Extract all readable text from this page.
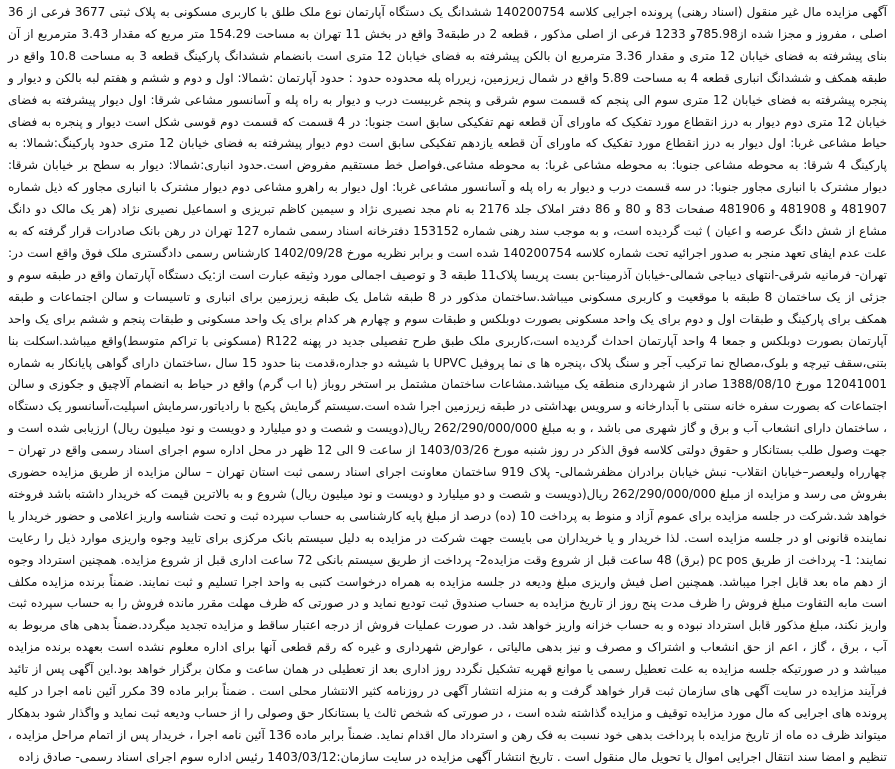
آگهی مزایده مال غیر منقول (اسناد رهنی) پرونده اجرایی کلاسه 140200754 ششدانگ یک دستگاه آپارتمان نوع ملک طلق با کاربری مسکونی به پلاک ثبتی 3677 فرعی از 36 اصلی ، مفروز و مجزا شده از785.98و 1233 فرعی از اصلی مذکور ، قطعه 2 در طبقه3 واقع در بخش 11 تهران به مساحت 154.29 متر مربع که مقدار 3.43 مترمربع از آن بنای پیشرفته به فضای خیابان 12 متری و مقدار 3.36 مترمربع ان بالکن پیشرفته به فضای خیابان 12 متری است بانضمام ششدانگ پارکینگ قطعه 3 به مساحت 10.8 واقع در طبقه همکف و ششدانگ انباری قطعه 4 به مساحت 5.89 واقع در شمال زیرزمین، زیرراه پله محدوده حدود : حدود آپارتمان :شمالا: اول و دوم و ششم و هفتم لبه بالکن و دیوار و پنجره پیشرفته به فضای خیابان 12 متری سوم الی پنجم که قسمت سوم شرقی و پنجم غربیست درب و دیوار به راه پله و آسانسور مشاعی شرقا: اول دیوار پیشرفته به فضای خیابان 12 متری دوم دیوار به درز انقطاع مورد تفکیک که ماورای آن قطعه نهم تفکیکی سابق است جنوبا: در 4 قسمت که قسمت دوم قوسی شکل است دیوار و پنجره به فضای حیاط مشاعی غربا: اول دیوار به درز انقطاع مورد تفکیک که ماورای آن قطعه یازدهم تفکیکی سابق است دوم دیوار پیشرفته به فضای خیابان 12 متری حدود پارکینگ:شمالا: به پارکینگ 4 شرقا: به محوطه مشاعی جنوبا: به محوطه مشاعی غربا: به محوطه مشاعی.فواصل خط مستقیم مفروض است.حدود انباری:شمالا: دیوار به سطح بر خیابان شرقا: دیوار مشترک با انباری مجاور جنوبا: در سه قسمت درب و دیوار به راه پله و آسانسور مشاعی غربا: اول دیوار به راهرو مشاعی دوم دیوار مشترک با انباری مجاور که ذیل شماره 481907 و 481908 و 481906 صفحات 83 و 80 و 86 دفتر املاک جلد 2176 به نام مجد نصیری نژاد و سیمین کاظم تبریزی و اسماعیل نصیری نژاد (هر یک مالک دو دانگ مشاع از شش دانگ عرصه و اعیان ) ثبت گردیده است، و به موجب سند رهنی شماره 153152 دفترخانه اسناد رسمی شماره 127 تهران در رهن بانک صادرات قرار گرفته که به علت عدم ایفای تعهد منجر به صدور اجرائیه تحت شماره کلاسه 140200754 شده است و برابر نظریه مورخ 1402/09/28 کارشناس رسمی دادگستری ملک فوق واقع است در: تهران- فرمانیه شرقی-انتهای دیباجی شمالی-خیابان آذرمینا-بن بست پریسا پلاک11 طبقه 3 و توصیف اجمالی مورد وثیقه عبارت است از:یک دستگاه آپارتمان واقع در طبقه سوم و جزئی از یک ساختمان 8 طبقه با موقعیت و کاربری مسکونی میباشد.ساختمان مذکور در 8 طبقه شامل یک طبقه زیرزمین برای انباری و تاسیسات و سالن اجتماعات و طبقه همکف برای پارکینگ و طبقات اول و دوم برای یک واحد مسکونی بصورت دوبلکس و طبقات سوم و چهارم هر کدام برای یک واحد مسکونی و طبقات پنجم و ششم برای یک واحد آپارتمان بصورت دوبلکس و جمعا 4 واحد آپارتمان احداث گردیده است،کاربری ملک طبق طرح تفصیلی جدید در پهنه R122 (مسکونی با تراکم متوسط)واقع میباشد.اسکلت بنا بتنی،سقف تیرچه و بلوک،مصالح نما ترکیب آجر و سنگ پلاک ،پنجره ها ی نما پروفیل UPVC با شیشه دو جداره،قدمت بنا حدود 15 سال ،ساختمان دارای گواهی پایانکار به شماره 12041001 مورخ 1388/08/10 صادر از شهرداری منطقه یک میباشد.مشاعات ساختمان مشتمل بر استخر روباز (با اب گرم) واقع در حیاط به انضمام آلاچیق و جکوزی و سالن اجتماعات که بصورت سفره خانه سنتی با آبدارخانه و سرویس بهداشتی در طبقه زیرزمین اجرا شده است.سیستم گرمایش پکیج با رادیاتور،سرمایش اسپلیت،آسانسور یک دستگاه ، ساختمان دارای انشعاب آب و برق و گاز شهری می باشد ، و به مبلغ 262/290/000/000 ریال(دویست و شصت و دو میلیارد و دویست و نود میلیون ریال) ارزیابی شده است و جهت وصول طلب بستانکار و حقوق دولتی کلاسه فوق الذکر در روز شنبه مورخ 1403/03/26 از ساعت 9 الی 12 ظهر در محل اداره سوم اجرای اسناد رسمی واقع در تهران – چهارراه ولیعصر–خیابان انقلاب- نبش خیابان برادران مظفرشمالی- پلاک 919 ساختمان معاونت اجرای اسناد رسمی ثبت استان تهران – سالن مزایده از طریق مزایده حضوری بفروش می رسد و مزایده از مبلغ 262/290/000/000 ریال(دویست و شصت و دو میلیارد و دویست و نود میلیون ریال) شروع و به بالاترین قیمت که خریدار داشته باشد فروخته خواهد شد.شرکت در جلسه مزایده برای عموم آزاد و منوط به پرداخت 10 (ده) درصد از مبلغ پایه کارشناسی به حساب سپرده ثبت و تحت شناسه واریز اعلامی و حضور خریدار یا نماینده قانونی او در جلسه مزایده است. لذا خریدار و یا خریداران می بایست جهت شرکت در مزایده به دلیل سیستم بانک مرکزی برای تایید وجوه واریزی موارد ذیل را رعایت نمایند: 1- پرداخت از طریق pc pos (برق) 48 ساعت قبل از شروع وقت مزایده2- پرداخت از طریق سیستم بانکی 72 ساعت اداری قبل از شروع مزایده. همچنین استرداد وجوه از دهم ماه بعد قابل اجرا میباشد. همچنین اصل فیش واریزی مبلغ ودیعه در جلسه مزایده به همراه درخواست کتبی به واحد اجرا تسلیم و ثبت نمایند. ضمناً برنده مزایده مکلف است مابه التفاوت مبلغ فروش را ظرف مدت پنج روز از تاریخ مزایده به حساب صندوق ثبت تودیع نماید و در صورتی که ظرف مهلت مقرر مانده فروش را به حساب سپرده ثبت واریز نکند، مبلغ مذکور قابل استرداد نبوده و به حساب خزانه واریز خواهد شد. در صورت عملیات فروش از درجه اعتبار ساقط و مزایده تجدید میگردد.ضمناً بدهی های مربوط به آب ، برق ، گاز ، اعم از حق انشعاب و اشتراک و مصرف و نیز بدهی مالیاتی ، عوارض شهرداری و غیره که رقم قطعی آنها برای اداره معلوم نشده است بعهده برنده مزایده میباشد و در صورتیکه جلسه مزایده به علت تعطیل رسمی یا موانع قهریه تشکیل نگردد روز اداری بعد از تعطیلی در همان ساعت و مکان برگزار خواهد بود.این آگهی پس از تائید فرآیند مزایده در سایت آگهی های سازمان ثبت قرار خواهد گرفت و به منزله انتشار آگهی در روزنامه کثیر الانتشار محلی است . ضمناً برابر ماده 39 مکرر آئین نامه اجرا در کلیه پرونده های اجرایی که مال مورد مزایده توقیف و مزایده گذاشته شده است ، در صورتی که شخص ثالث یا بستانکار حق وصولی را از حساب ودیعه ثبت نماید و واگذار شود بدهکار میتواند ظرف ده ماه از تاریخ مزایده با پرداخت بدهی خود نسبت به فک رهن و استرداد مال اقدام نماید. ضمناً برابر ماده 136 آئین نامه اجرا ، خریدار پس از اتمام مراحل مزایده ، تنظیم و امضا سند انتقال اجرایی اموال یا تحویل مال منقول است . تاریخ انتشار آگهی مزایده در سایت سازمان:1403/03/12 رئیس اداره سوم اجرای اسناد رسمی- صادق زاده
